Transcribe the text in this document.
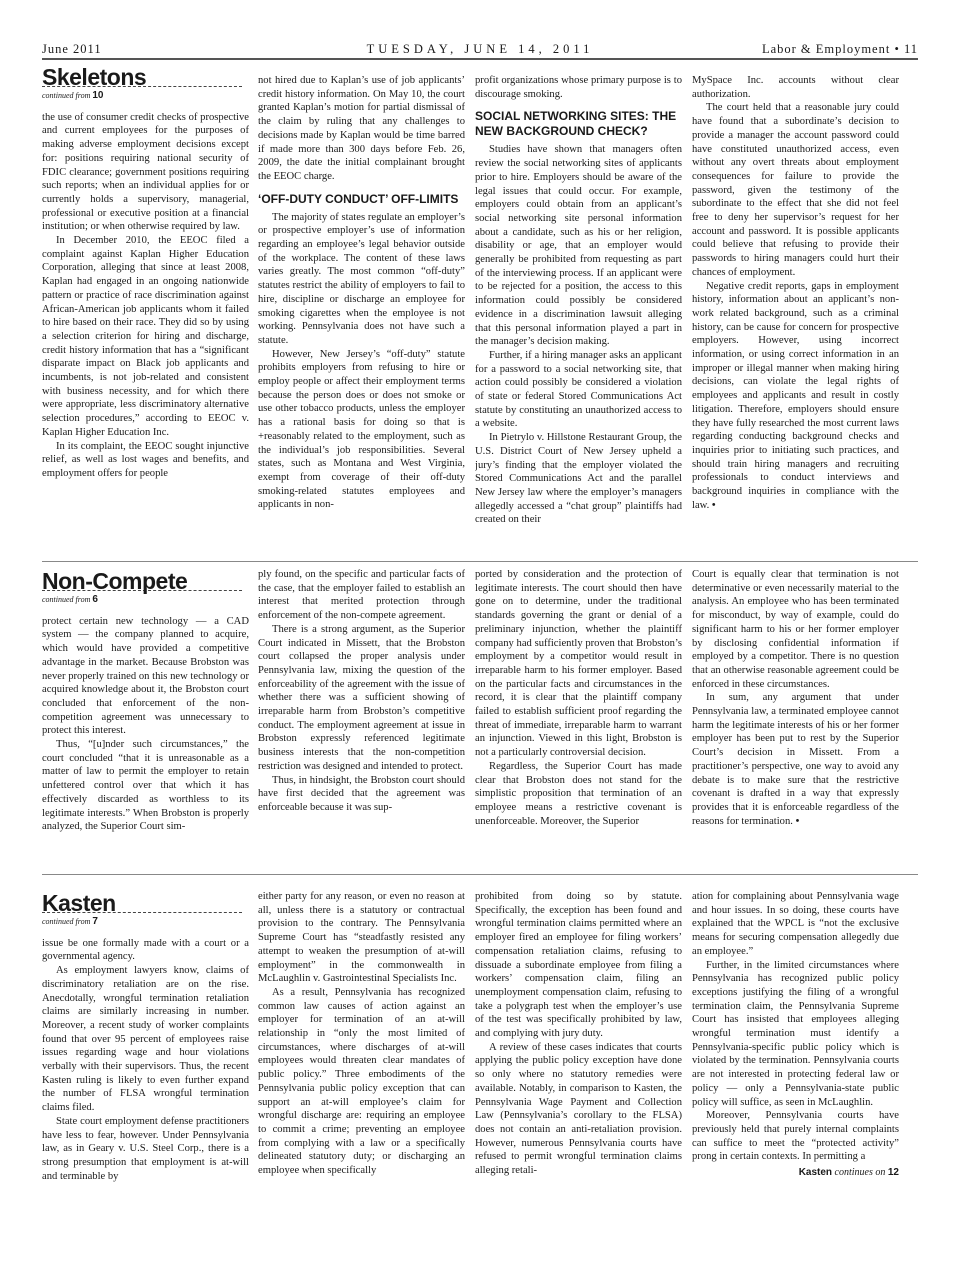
June 2011	TUESDAY, JUNE 14, 2011	Labor & Employment • 11
Skeletons
continued from 10

the use of consumer credit checks of prospective and current employees for the purposes of making adverse employment decisions except for: positions requiring national security of FDIC clearance; government positions requiring such reports; when an individual applies for or currently holds a supervisory, managerial, professional or executive position at a financial institution; or when otherwise required by law.

In December 2010, the EEOC filed a complaint against Kaplan Higher Education Corporation, alleging that since at least 2008, Kaplan had engaged in an ongoing nationwide pattern or practice of race discrimination against African-American job applicants whom it failed to hire based on their race. They did so by using a selection criterion for hiring and discharge, credit history information that has a “significant disparate impact on Black job applicants and incumbents, is not job-related and consistent with business necessity, and for which there were appropriate, less discriminatory alternative selection procedures,” according to EEOC v. Kaplan Higher Education Inc.

In its complaint, the EEOC sought injunctive relief, as well as lost wages and benefits, and employment offers for people

not hired due to Kaplan’s use of job applicants’ credit history information. On May 10, the court granted Kaplan’s motion for partial dismissal of the claim by ruling that any challenges to decisions made by Kaplan would be time barred if made more than 300 days before Feb. 26, 2009, the date the initial complainant brought the EEOC charge.

‘OFF-DUTY CONDUCT’ OFF-LIMITS

The majority of states regulate an employer’s or prospective employer’s use of information regarding an employee’s legal behavior outside of the workplace. The content of these laws varies greatly. The most common “off-duty” statutes restrict the ability of employers to fail to hire, discipline or discharge an employee for smoking cigarettes when the employee is not working. Pennsylvania does not have such a statute.

However, New Jersey’s “off-duty” statute prohibits employers from refusing to hire or employ people or affect their employment terms because the person does or does not smoke or use other tobacco products, unless the employer has a rational basis for doing so that is +reasonably related to the employment, such as the individual’s job responsibilities. Several states, such as Montana and West Virginia, exempt from coverage of their off-duty smoking-related statutes employees and applicants in non-

profit organizations whose primary purpose is to discourage smoking.

SOCIAL NETWORKING SITES: THE NEW BACKGROUND CHECK?

Studies have shown that managers often review the social networking sites of applicants prior to hire. Employers should be aware of the legal issues that could occur. For example, employers could obtain from an applicant’s social networking site personal information about a candidate, such as his or her religion, disability or age, that an employer would generally be prohibited from requesting as part of the interviewing process. If an applicant were to be rejected for a position, the access to this information could possibly be considered evidence in a discrimination lawsuit alleging that this personal information played a part in the manager’s decision making.

Further, if a hiring manager asks an applicant for a password to a social networking site, that action could possibly be considered a violation of state or federal Stored Communications Act statute by constituting an unauthorized access to a website.

In Pietrylo v. Hillstone Restaurant Group, the U.S. District Court of New Jersey upheld a jury’s finding that the employer violated the Stored Communications Act and the parallel New Jersey law where the employer’s managers allegedly accessed a “chat group” plaintiffs had created on their

MySpace Inc. accounts without clear authorization.

The court held that a reasonable jury could have found that a subordinate’s decision to provide a manager the account password could have constituted unauthorized access, even without any overt threats about employment consequences for failure to provide the password, given the testimony of the subordinate to the effect that she did not feel free to deny her supervisor’s request for her account and password. It is possible applicants could believe that refusing to provide their passwords to hiring managers could hurt their chances of employment.

Negative credit reports, gaps in employment history, information about an applicant’s non-work related background, such as a criminal history, can be cause for concern for prospective employers. However, using incorrect information, or using correct information in an improper or illegal manner when making hiring decisions, can violate the legal rights of employees and applicants and result in costly litigation. Therefore, employers should ensure they have fully researched the most current laws regarding conducting background checks and inquiries prior to initiating such practices, and should train hiring managers and recruiting professionals to conduct interviews and background inquiries in compliance with the law. •

Non-Compete
continued from 6

protect certain new technology — a CAD system — the company planned to acquire, which would have provided a competitive advantage in the market. Because Brobston was never properly trained on this new technology or acquired knowledge about it, the Brobston court concluded that enforcement of the non-competition agreement was unnecessary to protect this interest.

Thus, “[u]nder such circumstances,” the court concluded “that it is unreasonable as a matter of law to permit the employer to retain unfettered control over that which it has effectively discarded as worthless to its legitimate interests.” When Brobston is properly analyzed, the Superior Court sim-

ply found, on the specific and particular facts of the case, that the employer failed to establish an interest that merited protection through enforcement of the non-compete agreement.

There is a strong argument, as the Superior Court indicated in Missett, that the Brobston court collapsed the proper analysis under Pennsylvania law, mixing the question of the enforceability of the agreement with the issue of whether there was a sufficient showing of irreparable harm from Brobston’s competitive conduct. The employment agreement at issue in Brobston expressly referenced legitimate business interests that the non-competition restriction was designed and intended to protect.

Thus, in hindsight, the Brobston court should have first decided that the agreement was enforceable because it was sup-

ported by consideration and the protection of legitimate interests. The court should then have gone on to determine, under the traditional standards governing the grant or denial of a preliminary injunction, whether the plaintiff company had sufficiently proven that Brobston’s employment by a competitor would result in irreparable harm to his former employer. Based on the particular facts and circumstances in the record, it is clear that the plaintiff company failed to establish sufficient proof regarding the threat of immediate, irreparable harm to warrant an injunction. Viewed in this light, Brobston is not a particularly controversial decision.

Regardless, the Superior Court has made clear that Brobston does not stand for the simplistic proposition that termination of an employee means a restrictive covenant is unenforceable. Moreover, the Superior

Court is equally clear that termination is not determinative or even necessarily material to the analysis. An employee who has been terminated for misconduct, by way of example, could do significant harm to his or her former employer by disclosing confidential information if employed by a competitor. There is no question that an otherwise reasonable agreement could be enforced in these circumstances.

In sum, any argument that under Pennsylvania law, a terminated employee cannot harm the legitimate interests of his or her former employer has been put to rest by the Superior Court’s decision in Missett. From a practitioner’s perspective, one way to avoid any debate is to make sure that the restrictive covenant is drafted in a way that expressly provides that it is enforceable regardless of the reasons for termination. •

Kasten
continued from 7

issue be one formally made with a court or a governmental agency.

As employment lawyers know, claims of discriminatory retaliation are on the rise. Anecdotally, wrongful termination retaliation claims are similarly increasing in number. Moreover, a recent study of worker complaints found that over 95 percent of employees raise issues regarding wage and hour violations verbally with their supervisors. Thus, the recent Kasten ruling is likely to even further expand the number of FLSA wrongful termination claims filed.

State court employment defense practitioners have less to fear, however. Under Pennsylvania law, as in Geary v. U.S. Steel Corp., there is a strong presumption that employment is at-will and terminable by

either party for any reason, or even no reason at all, unless there is a statutory or contractual provision to the contrary. The Pennsylvania Supreme Court has “steadfastly resisted any attempt to weaken the presumption of at-will employment” in the commonwealth in McLaughlin v. Gastrointestinal Specialists Inc.

As a result, Pennsylvania has recognized common law causes of action against an employer for termination of an at-will relationship in “only the most limited of circumstances, where discharges of at-will employees would threaten clear mandates of public policy.” Three embodiments of the Pennsylvania public policy exception that can support an at-will employee’s claim for wrongful discharge are: requiring an employee to commit a crime; preventing an employee from complying with a law or a specifically delineated statutory duty; or discharging an employee when specifically

prohibited from doing so by statute. Specifically, the exception has been found and wrongful termination claims permitted where an employer fired an employee for filing workers’ compensation retaliation claims, refusing to dissuade a subordinate employee from filing a workers’ compensation claim, filing an unemployment compensation claim, refusing to take a polygraph test when the employer’s use of the test was specifically prohibited by law, and complying with jury duty.

A review of these cases indicates that courts applying the public policy exception have done so only where no statutory remedies were available. Notably, in comparison to Kasten, the Pennsylvania Wage Payment and Collection Law (Pennsylvania’s corollary to the FLSA) does not contain an anti-retaliation provision. However, numerous Pennsylvania courts have refused to permit wrongful termination claims alleging retali-

ation for complaining about Pennsylvania wage and hour issues. In so doing, these courts have explained that the WPCL is “not the exclusive means for securing compensation allegedly due an employee.”

Further, in the limited circumstances where Pennsylvania has recognized public policy exceptions justifying the filing of a wrongful termination claim, the Pennsylvania Supreme Court has insisted that employees alleging wrongful termination must identify a Pennsylvania-specific public policy which is violated by the termination. Pennsylvania courts are not interested in protecting federal law or policy — only a Pennsylvania-state public policy will suffice, as seen in McLaughlin.

Moreover, Pennsylvania courts have previously held that purely internal complaints can suffice to meet the “protected activity” prong in certain contexts. In permitting a

Kasten continues on 12
